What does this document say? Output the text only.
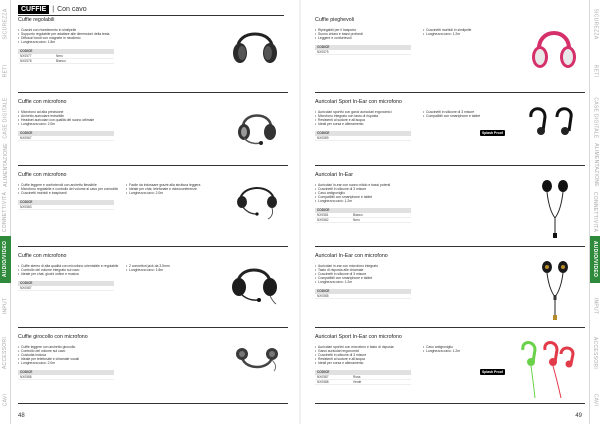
SICUREZZA
RETI
CASE DIGITALE
ALIMENTAZIONE
CONNETTIVITÀ
AUDIO/VIDEO
INPUT
ACCESSORI
CAVI
SICUREZZA
RETI
CASE DIGITALE
ALIMENTAZIONE
CONNETTIVITÀ
AUDIO/VIDEO
INPUT
ACCESSORI
CAVI
CUFFIE | Con cavo
Cuffie regolabili
• Cuscini con rivestimento in similpelle
• Supporto regolabile per adattare alle dimensioni della testa
• Diffusori tondi con magnete in neodimio
• Lunghezza cavo: 1.8m
CODICE
NX0577	Nero
NX0578	Bianco
Cuffie con microfono
• Microfono ad alta precisione
• Archetto auricolare estraibile
• Headset auricolari con qualità del suono ottimale
• Lunghezza cavo: 2.0m
CODICE
NX0567
Cuffie con microfono
• Cuffie leggere e confortevoli con archetto flessibile
• Microfono regolabile e controllo del volume al cavo per comodità
• Cuscinetti morbidi e traspiranti
• Facile da indossare grazie alla struttura leggera
• Ideale per chat, telefonate e videoconferenze
• Lunghezza cavo: 2.0m
CODICE
NX0583
Cuffie con microfono
• Cuffie stereo di alta qualità con microfono orientabile e regolabile
• Controllo del volume integrato sul cavo
• Ideale per chat, giochi online e musica
• 2 connettori jack da 3.5mm
• Lunghezza cavo: 1.8m
CODICE
NX0587
Cuffie girocollo con microfono
• Cuffie leggere con archetto girocollo
• Controllo del volume sul cavo
• Custodia inclusa
• Ideale per telefonate e chiamate vocali
• Lunghezza cavo: 2.0m
CODICE
NX0588
Cuffie pieghevoli
• Ripiegabili per il trasporto
• Suono chiaro e bassi profondi
• Leggere e confortevoli
• Cuscinetti morbidi in similpelle
• Lunghezza cavo: 1.2m
CODICE
NX0575
Auricolari Sport In-Ear con microfono
• Auricolari sportivi con ganci auricolari ergonomici
• Microfono integrato con tasto di risposta
• Resistenti al sudore e all'acqua
• Ideali per corsa e allenamento
• Cuscinetti in silicone di 3 misure
• Compatibili con smartphone e tablet
CODICE
NX0589
Splash Proof
Auricolari In-Ear
• Auricolari in-ear con suono nitido e bassi potenti
• Cuscinetti in silicone di 3 misure
• Cavo antigroviglio
• Compatibili con smartphone e tablet
• Lunghezza cavo: 1.2m
CODICE
NX0581	Bianco
NX0582	Nero
Auricolari In-Ear con microfono
• Auricolari in-ear con microfono integrato
• Tasto di risposta alle chiamate
• Cuscinetti in silicone di 3 misure
• Compatibili con smartphone e tablet
• Lunghezza cavo: 1.2m
CODICE
NX0585
Auricolari Sport In-Ear con microfono
• Auricolari sportivi con microfono e tasto di risposta
• Ganci auricolari ergonomici
• Cuscinetti in silicone di 3 misure
• Resistenti al sudore e all'acqua
• Ideali per corsa e allenamento
• Cavo antigroviglio
• Lunghezza cavo: 1.2m
CODICE
NX0587	Rosa
NX0588	Verde
Splash Proof
48	49
